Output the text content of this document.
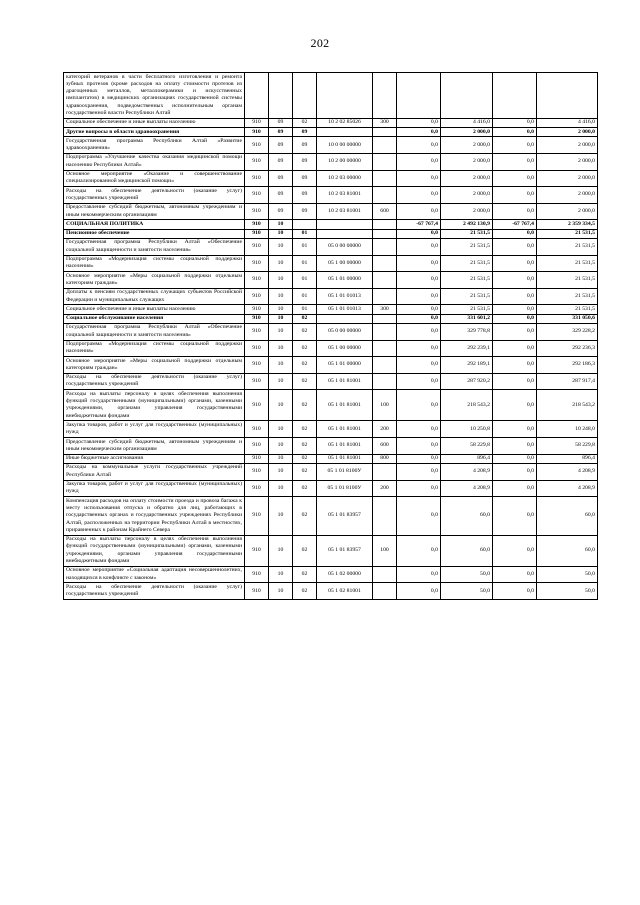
202
категорий ветеранов в части бесплатного изготовления и ремонта зубных протезов (кроме расходов на оплату стоимости протезов из драгоценных металлов, металлокерамики и искусственных имплантатов) в медицинских организациях государственной системы здравоохранения, подведомственных исполнительным органам государственной власти Республики Алтай									
Социальное обеспечение и иные выплаты населению	910	09	02	10 2 02 85026	300	0,0	4 416,0	0,0	4 416,0
Другие вопросы в области здравоохранения	910	09	09			0,0	2 000,0	0,0	2 000,0
Государственная программа Республики Алтай «Развитие здравоохранения»	910	09	09	10 0 00 00000		0,0	2 000,0	0,0	2 000,0
Подпрограмма «Улучшение качества оказания медицинской помощи населению Республики Алтай»	910	09	09	10 2 00 00000		0,0	2 000,0	0,0	2 000,0
Основное мероприятие «Оказание и совершенствование специализированной медицинской помощи»	910	09	09	10 2 03 00000		0,0	2 000,0	0,0	2 000,0
Расходы на обеспечение деятельности (оказание услуг) государственных учреждений	910	09	09	10 2 03 81001		0,0	2 000,0	0,0	2 000,0
Предоставление субсидий бюджетным, автономным учреждениям и иным некоммерческим организациям	910	09	09	10 2 03 81001	600	0,0	2 000,0	0,0	2 000,0
СОЦИАЛЬНАЯ ПОЛИТИКА	910	10				-67 767,4	2 492 130,9	-67 767,4	2 359 334,5
Пенсионное обеспечение	910	10	01			0,0	21 531,5	0,0	21 531,5
Государственная программа Республики Алтай «Обеспечение социальной защищенности и занятости населения»	910	10	01	05 0 00 00000		0,0	21 531,5	0,0	21 531,5
Подпрограмма «Модернизация системы социальной поддержки населения»	910	10	01	05 1 00 00000		0,0	21 531,5	0,0	21 531,5
Основное мероприятие «Меры социальной поддержки отдельным категориям граждан»	910	10	01	05 1 01 00000		0,0	21 531,5	0,0	21 531,5
Доплаты к пенсиям государственных служащих субъектов Российской Федерации и муниципальных служащих	910	10	01	05 1 01 01013		0,0	21 531,5	0,0	21 531,5
Социальное обеспечение и иные выплаты населению	910	10	01	05 1 01 01013	300	0,0	21 531,5	0,0	21 531,5
Социальное обслуживание населения	910	10	02			0,0	331 601,2	0,0	331 050,6
Государственная программа Республики Алтай «Обеспечение социальной защищенности и занятости населения»	910	10	02	05 0 00 00000		0,0	329 778,8	0,0	329 228,2
Подпрограмма «Модернизация системы социальной поддержки населения»	910	10	02	05 1 00 00000		0,0	292 239,1	0,0	292 236,3
Основное мероприятие «Меры социальной поддержки отдельным категориям граждан»	910	10	02	05 1 01 00000		0,0	292 189,1	0,0	292 186,3
Расходы на обеспечение деятельности (оказание услуг) государственных учреждений	910	10	02	05 1 01 81001		0,0	287 920,2	0,0	287 917,4
Расходы на выплаты персоналу в целях обеспечения выполнения функций государственными (муниципальными) органами, казенными учреждениями, органами управления государственными внебюджетными фондами	910	10	02	05 1 01 81001	100	0,0	218 543,2	0,0	218 543,2
Закупка товаров, работ и услуг для государственных (муниципальных) нужд	910	10	02	05 1 01 81001	200	0,0	10 250,8	0,0	10 248,0
Предоставление субсидий бюджетным, автономным учреждениям и иным некоммерческим организациям	910	10	02	05 1 01 81001	600	0,0	58 229,8	0,0	58 229,8
Иные бюджетные ассигнования	910	10	02	05 1 01 81001	800	0,0	896,4	0,0	896,4
Расходы на коммунальные услуги государственных учреждений Республики Алтай	910	10	02	05 1 01 8100У		0,0	4 208,9	0,0	4 208,9
Закупка товаров, работ и услуг для государственных (муниципальных) нужд	910	10	02	05 1 01 8100У	200	0,0	4 208,9	0,0	4 208,9
Компенсация расходов на оплату стоимости проезда и провоза багажа к месту использования отпуска и обратно для лиц, работающих в государственных органах и государственных учреждениях Республики Алтай, расположенных на территории Республики Алтай в местностях, приравненных к районам Крайнего Севера	910	10	02	05 1 01 83957		0,0	60,0	0,0	60,0
Расходы на выплаты персоналу в целях обеспечения выполнения функций государственными (муниципальными) органами, казенными учреждениями, органами управления государственными внебюджетными фондами	910	10	02	05 1 01 83957	100	0,0	60,0	0,0	60,0
Основное мероприятие «Социальная адаптация несовершеннолетних, находящихся в конфликте с законом»	910	10	02	05 1 02 00000		0,0	50,0	0,0	50,0
Расходы на обеспечение деятельности (оказание услуг) государственных учреждений	910	10	02	05 1 02 81001		0,0	50,0	0,0	50,0
